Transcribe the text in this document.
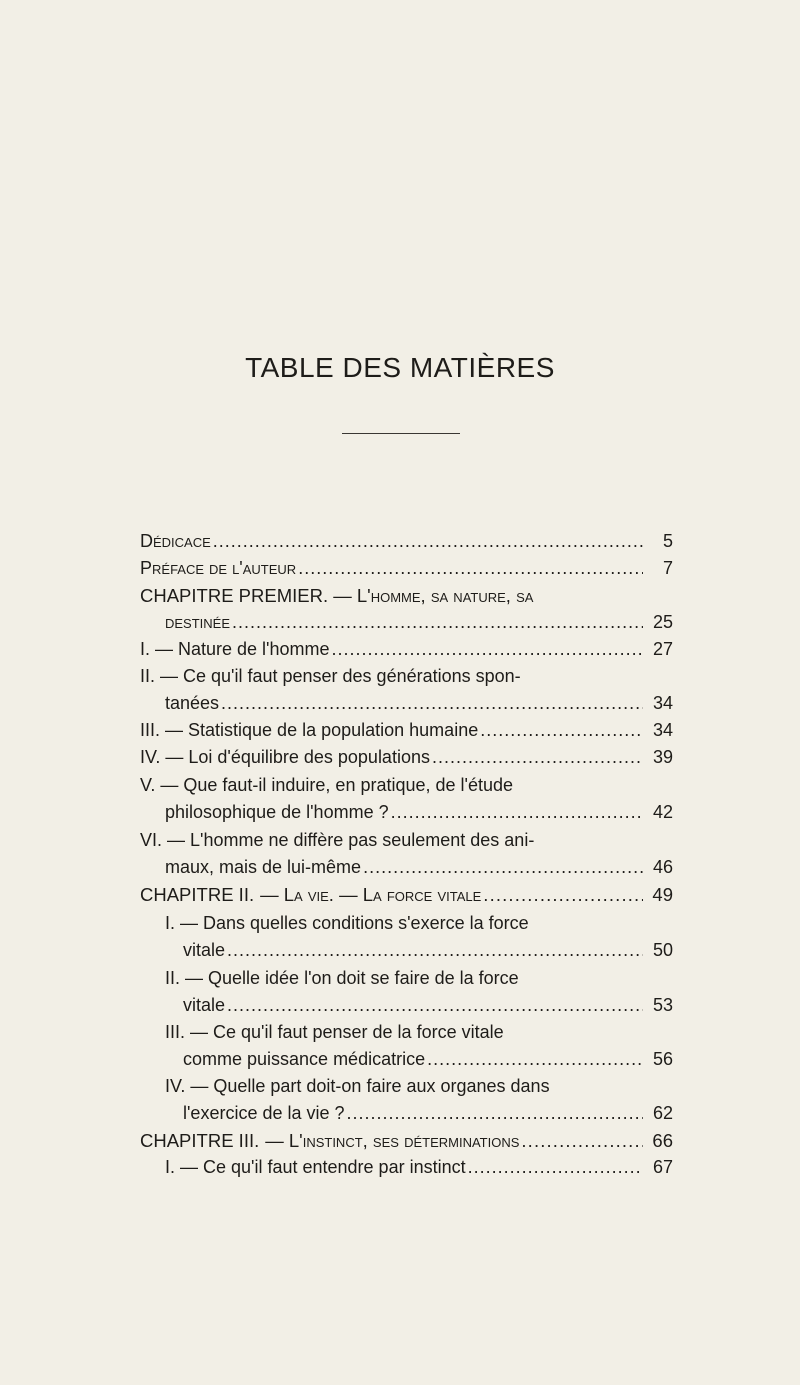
TABLE DES MATIÈRES
Dédicace . . .	5
Préface de l'auteur . . .	7
CHAPITRE PREMIER. — L'homme, sa nature, sa
destinée . . .	25
I. — Nature de l'homme . . .	27
II. — Ce qu'il faut penser des générations spon-
tanées . . .	34
III. — Statistique de la population humaine . . .	34
IV. — Loi d'équilibre des populations . . .	39
V. — Que faut-il induire, en pratique, de l'étude
philosophique de l'homme ? . . .	42
VI. — L'homme ne diffère pas seulement des ani-
maux, mais de lui-même . . .	46
CHAPITRE II. — La vie. — La force vitale . . .	49
I. — Dans quelles conditions s'exerce la force
vitale . . .	50
II. — Quelle idée l'on doit se faire de la force
vitale . . .	53
III. — Ce qu'il faut penser de la force vitale
comme puissance médicatrice . . .	56
IV. — Quelle part doit-on faire aux organes dans
l'exercice de la vie ? . . .	62
CHAPITRE III. — L'instinct, ses déterminations . . .	66
I. — Ce qu'il faut entendre par instinct . . .	67
